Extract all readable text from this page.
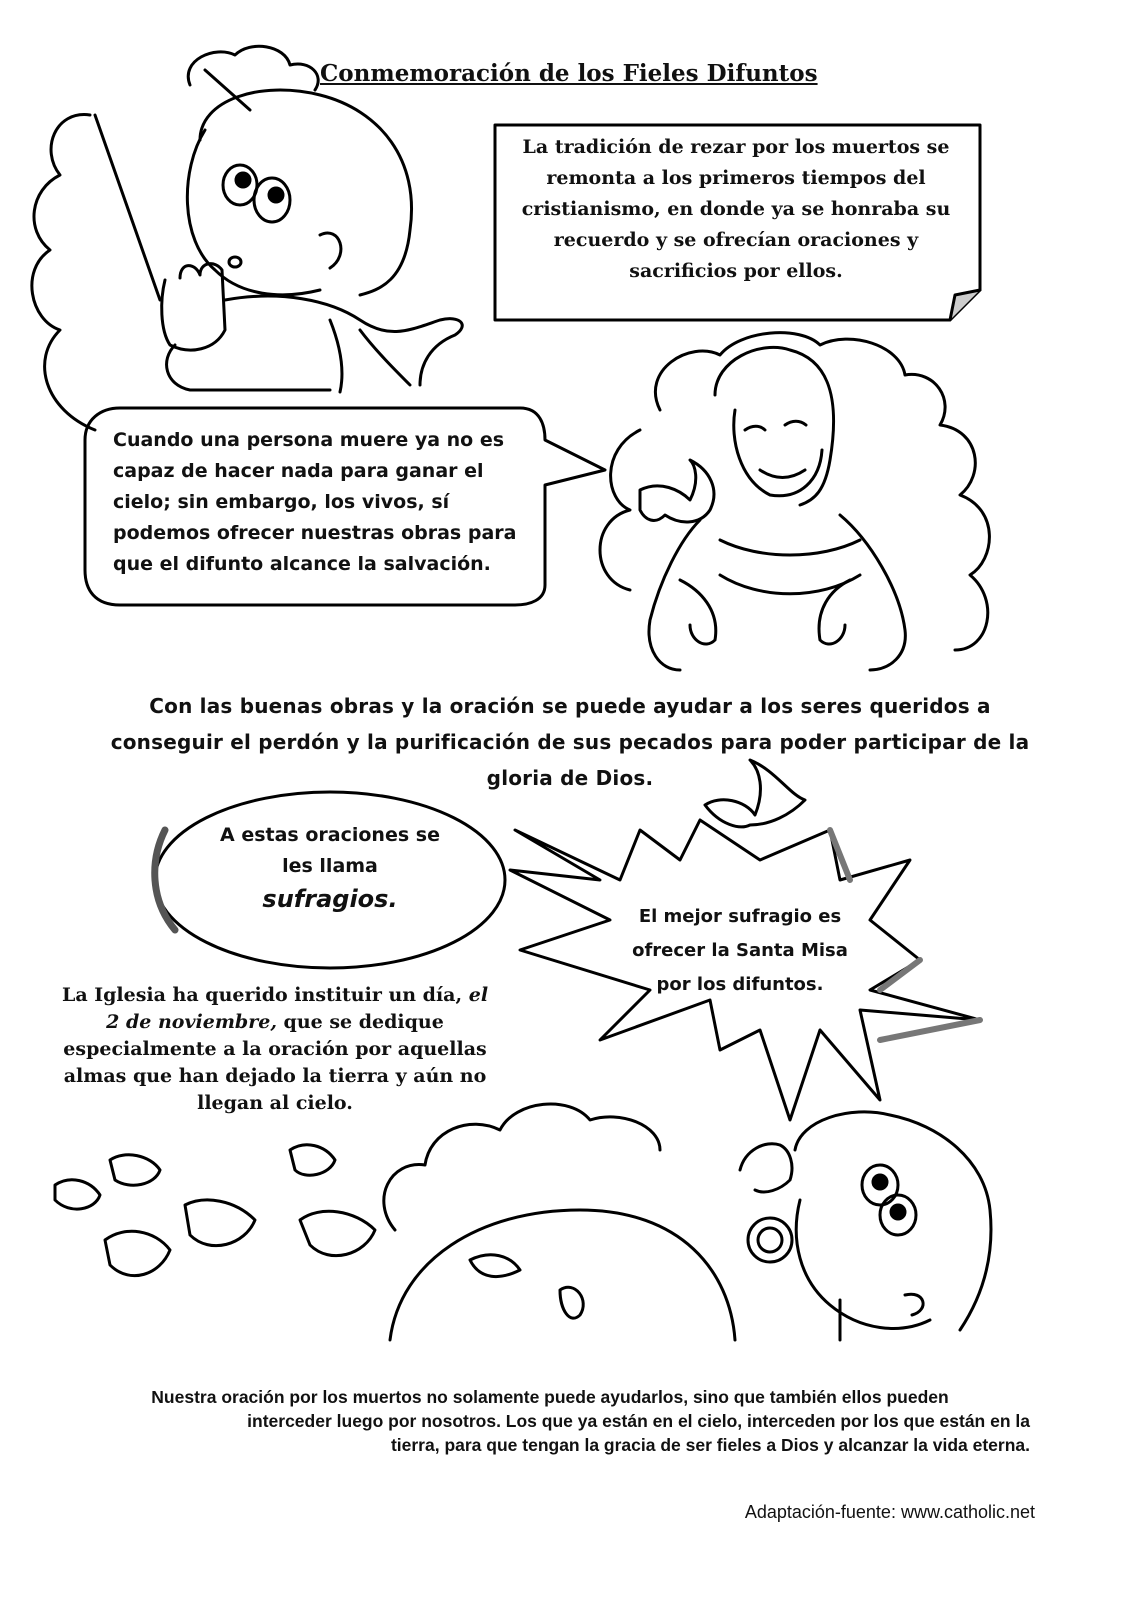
Conmemoración de los Fieles Difuntos
La tradición de rezar por los muertos se
remonta a los primeros tiempos del
cristianismo, en donde ya se honraba su
recuerdo y se ofrecían oraciones y
sacrificios por ellos.
Cuando una persona muere ya no es
capaz de hacer nada para ganar el
cielo; sin embargo, los vivos, sí
podemos ofrecer nuestras obras para
que el difunto alcance la salvación.
Con las buenas obras y la oración se puede ayudar a los seres queridos a
conseguir el perdón y la purificación de sus pecados para poder participar de la
gloria de Dios.
A estas oraciones se
les llama
sufragios.
El mejor sufragio es
ofrecer la Santa Misa
por los difuntos.
La Iglesia ha querido instituir un día, el 2 de noviembre, que se dedique especialmente a la oración por aquellas almas que han dejado la tierra y aún no llegan al cielo.
Nuestra oración por los muertos no solamente puede ayudarlos, sino que también ellos pueden
interceder luego por nosotros. Los que ya están en el cielo, interceden por los que están en la
tierra, para que tengan la gracia de ser fieles a Dios y alcanzar la vida eterna.
Adaptación-fuente: www.catholic.net
